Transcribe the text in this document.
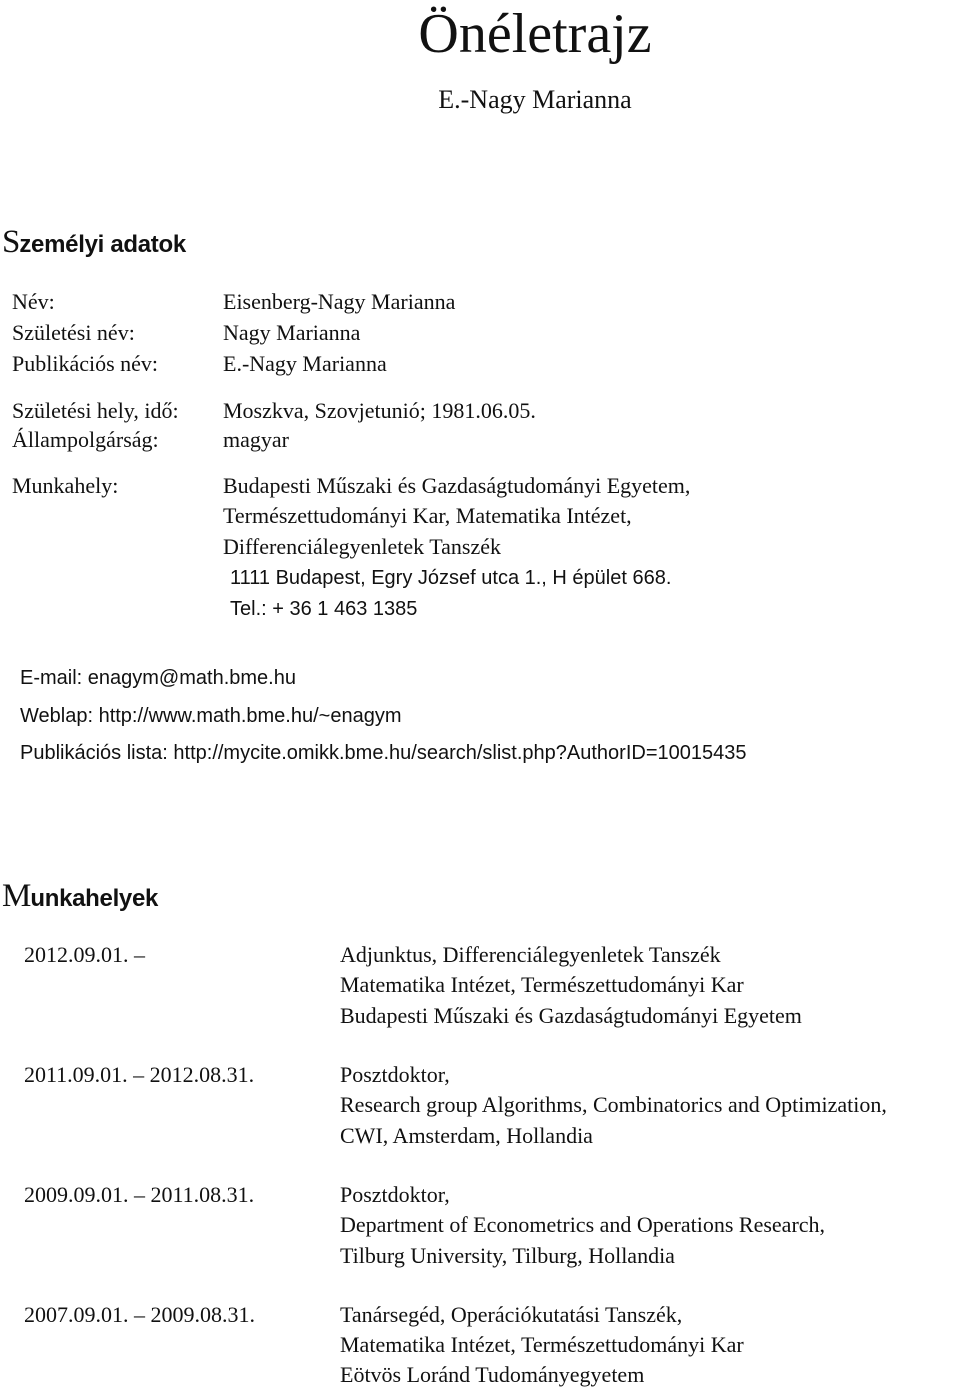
Önéletrajz
E.-Nagy Marianna
Személyi adatok
Név:	Eisenberg-Nagy Marianna
Születési név:	Nagy Marianna
Publikációs név:	E.-Nagy Marianna
Születési hely, idő: Moszkva, Szovjetunió; 1981.06.05.
Állampolgárság:	magyar
Munkahely:	Budapesti Műszaki és Gazdaságtudományi Egyetem,
Természettudományi Kar, Matematika Intézet,
Differenciálegyenletek Tanszék
1111 Budapest, Egry József utca 1., H épület 668.
Tel.: + 36 1 463 1385
E-mail: enagym@math.bme.hu
Weblap: http://www.math.bme.hu/~enagym
Publikációs lista: http://mycite.omikk.bme.hu/search/slist.php?AuthorID=10015435
Munkahelyek
2012.09.01. –	Adjunktus, Differenciálegyenletek Tanszék
Matematika Intézet, Természettudományi Kar
Budapesti Műszaki és Gazdaságtudományi Egyetem
2011.09.01. – 2012.08.31.	Posztdoktor,
Research group Algorithms, Combinatorics and Optimization,
CWI, Amsterdam, Hollandia
2009.09.01. – 2011.08.31.	Posztdoktor,
Department of Econometrics and Operations Research,
Tilburg University, Tilburg, Hollandia
2007.09.01. – 2009.08.31.	Tanársegéd, Operációkutatási Tanszék,
Matematika Intézet, Természettudományi Kar
Eötvös Loránd Tudományegyetem
